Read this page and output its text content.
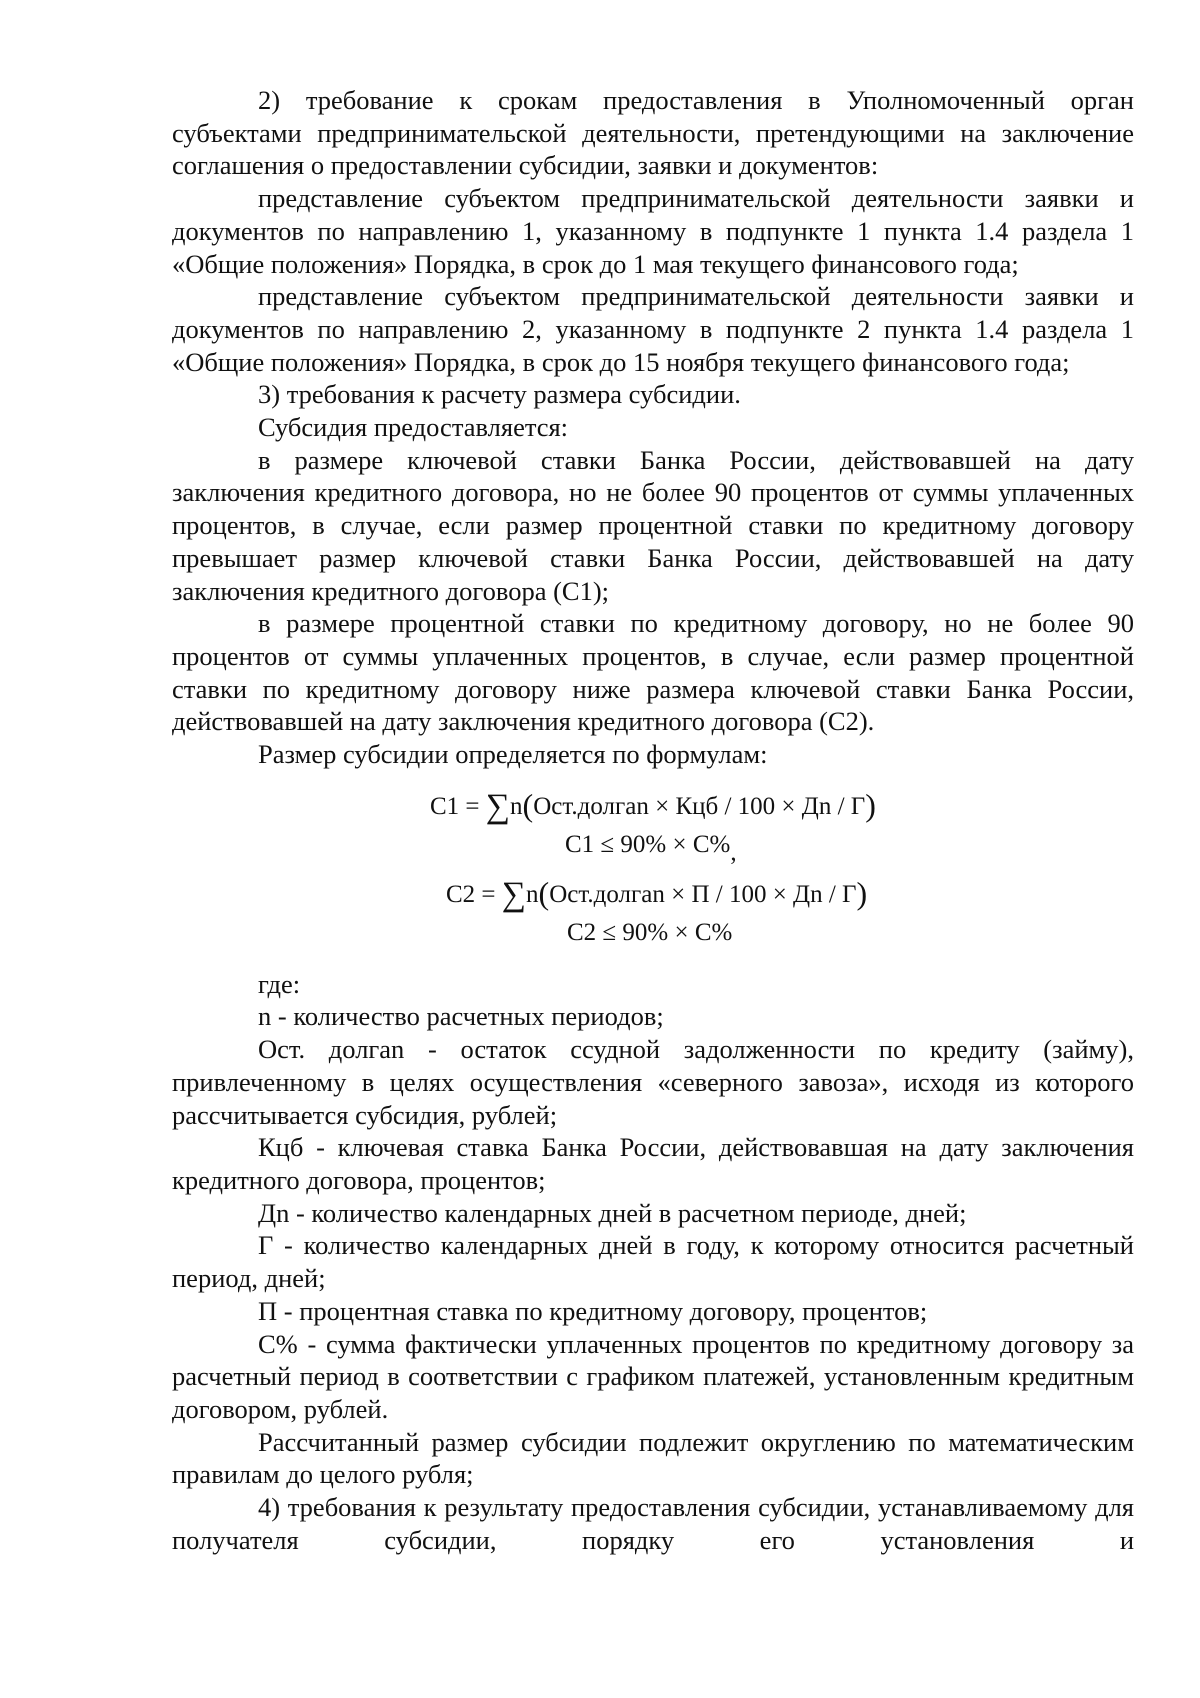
2) требование к срокам предоставления в Уполномоченный орган субъектами предпринимательской деятельности, претендующими на заключение соглашения о предоставлении субсидии, заявки и документов:

представление субъектом предпринимательской деятельности заявки и документов по направлению 1, указанному в подпункте 1 пункта 1.4 раздела 1 «Общие положения» Порядка, в срок до 1 мая текущего финансового года;

представление субъектом предпринимательской деятельности заявки и документов по направлению 2, указанному в подпункте 2 пункта 1.4 раздела 1 «Общие положения» Порядка, в срок до 15 ноября текущего финансового года;

3) требования к расчету размера субсидии.

Субсидия предоставляется:

в размере ключевой ставки Банка России, действовавшей на дату заключения кредитного договора, но не более 90 процентов от суммы уплаченных процентов, в случае, если размер процентной ставки по кредитному договору превышает размер ключевой ставки Банка России, действовавшей на дату заключения кредитного договора (С1);

в размере процентной ставки по кредитному договору, но не более 90 процентов от суммы уплаченных процентов, в случае, если размер процентной ставки по кредитному договору ниже размера ключевой ставки Банка России, действовавшей на дату заключения кредитного договора (С2).

Размер субсидии определяется по формулам:

C1 = ∑n(Ост.долгаn × Кцб / 100 × Дn / Г)
C1 ≤ 90% × C%,
C2 = ∑n(Ост.долгаn × П / 100 × Дn / Г)
C2 ≤ 90% × C%

где:

n - количество расчетных периодов;

Ост. долгаn - остаток ссудной задолженности по кредиту (займу), привлеченному в целях осуществления «северного завоза», исходя из которого рассчитывается субсидия, рублей;

Кцб - ключевая ставка Банка России, действовавшая на дату заключения кредитного договора, процентов;

Дn - количество календарных дней в расчетном периоде, дней;

Г - количество календарных дней в году, к которому относится расчетный период, дней;

П - процентная ставка по кредитному договору, процентов;

С% - сумма фактически уплаченных процентов по кредитному договору за расчетный период в соответствии с графиком платежей, установленным кредитным договором, рублей.

Рассчитанный размер субсидии подлежит округлению по математическим правилам до целого рубля;

4) требования к результату предоставления субсидии, устанавливаемому для получателя субсидии, порядку его установления и
